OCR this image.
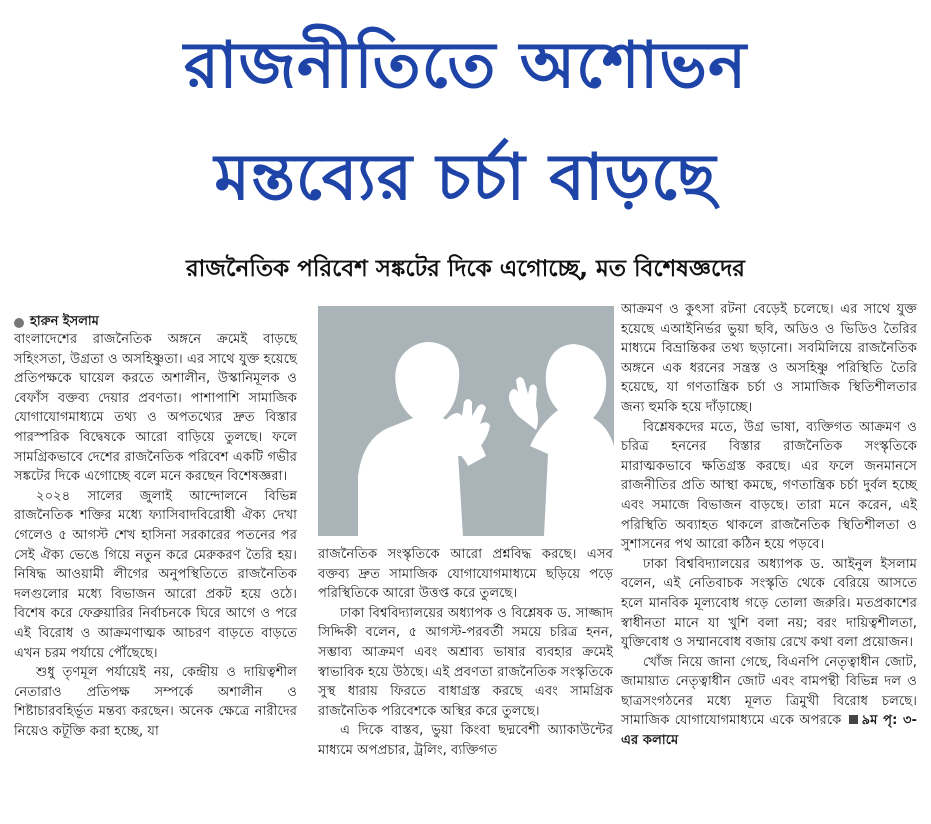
রাজনীতিতে অশোভন
মন্তব্যের চর্চা বাড়ছে
রাজনৈতিক পরিবেশ সঙ্কটের দিকে এগোচ্ছে, মত বিশেষজ্ঞদের
হারুন ইসলাম

বাংলাদেশের রাজনৈতিক অঙ্গনে ক্রমেই বাড়ছে সহিংসতা, উগ্রতা ও অসহিষ্ণুতা। এর সাথে যুক্ত হয়েছে প্রতিপক্ষকে ঘায়েল করতে অশালীন, উস্কানিমূলক ও বেফাঁস বক্তব্য দেয়ার প্রবণতা। পাশাপাশি সামাজিক যোগাযোগমাধ্যমে তথ্য ও অপতথ্যের দ্রুত বিস্তার পারস্পরিক বিদ্বেষকে আরো বাড়িয়ে তুলছে। ফলে সামগ্রিকভাবে দেশের রাজনৈতিক পরিবেশ একটি গভীর সঙ্কটের দিকে এগোচ্ছে বলে মনে করছেন বিশেষজ্ঞরা।

২০২৪ সালের জুলাই আন্দোলনে বিভিন্ন রাজনৈতিক শক্তির মধ্যে ফ্যাসিবাদবিরোধী ঐক্য দেখা গেলেও ৫ আগস্ট শেখ হাসিনা সরকারের পতনের পর সেই ঐক্য ভেঙে গিয়ে নতুন করে মেরুকরণ তৈরি হয়। নিষিদ্ধ আওয়ামী লীগের অনুপস্থিতিতে রাজনৈতিক দলগুলোর মধ্যে বিভাজন আরো প্রকট হয়ে ওঠে। বিশেষ করে ফেব্রুয়ারির নির্বাচনকে ঘিরে আগে ও পরে এই বিরোধ ও আক্রমণাত্মক আচরণ বাড়তে বাড়তে এখন চরম পর্যায়ে পৌঁছেছে।

শুধু তৃণমূল পর্যায়েই নয়, কেন্দ্রীয় ও দায়িত্বশীল নেতারাও প্রতিপক্ষ সম্পর্কে অশালীন ও শিষ্টাচারবহির্ভূত মন্তব্য করছেন। অনেক ক্ষেত্রে নারীদের নিয়েও কটূক্তি করা হচ্ছে, যা

রাজনৈতিক সংস্কৃতিকে আরো প্রশ্নবিদ্ধ করছে। এসব বক্তব্য দ্রুত সামাজিক যোগাযোগমাধ্যমে ছড়িয়ে পড়ে পরিস্থিতিকে আরো উত্তপ্ত করে তুলছে।

ঢাকা বিশ্ববিদ্যালয়ের অধ্যাপক ও বিশ্লেষক ড. সাজ্জাদ সিদ্দিকী বলেন, ৫ আগস্ট-পরবর্তী সময়ে চরিত্র হনন, সম্ভাব্য আক্রমণ এবং অশ্রাব্য ভাষার ব্যবহার ক্রমেই স্বাভাবিক হয়ে উঠছে। এই প্রবণতা রাজনৈতিক সংস্কৃতিকে সুস্থ ধারায় ফিরতে বাধাগ্রস্ত করছে এবং সামগ্রিক রাজনৈতিক পরিবেশকে অস্থির করে তুলছে।

এ দিকে বাস্তব, ভুয়া কিংবা ছদ্মবেশী অ্যাকাউন্টের মাধ্যমে অপপ্রচার, ট্রলিং, ব্যক্তিগত

আক্রমণ ও কুৎসা রটনা বেড়েই চলেছে। এর সাথে যুক্ত হয়েছে এআইনির্ভর ভুয়া ছবি, অডিও ও ভিডিও তৈরির মাধ্যমে বিভ্রান্তিকর তথ্য ছড়ানো। সবমিলিয়ে রাজনৈতিক অঙ্গনে এক ধরনের সন্ত্রস্ত ও অসহিষ্ণু পরিস্থিতি তৈরি হয়েছে, যা গণতান্ত্রিক চর্চা ও সামাজিক স্থিতিশীলতার জন্য হুমকি হয়ে দাঁড়াচ্ছে।

বিশ্লেষকদের মতে, উগ্র ভাষা, ব্যক্তিগত আক্রমণ ও চরিত্র হননের বিস্তার রাজনৈতিক সংস্কৃতিকে মারাত্মকভাবে ক্ষতিগ্রস্ত করছে। এর ফলে জনমানসে রাজনীতির প্রতি আস্থা কমছে, গণতান্ত্রিক চর্চা দুর্বল হচ্ছে এবং সমাজে বিভাজন বাড়ছে। তারা মনে করেন, এই পরিস্থিতি অব্যাহত থাকলে রাজনৈতিক স্থিতিশীলতা ও সুশাসনের পথ আরো কঠিন হয়ে পড়বে।

ঢাকা বিশ্ববিদ্যালয়ের অধ্যাপক ড. আইনুল ইসলাম বলেন, এই নেতিবাচক সংস্কৃতি থেকে বেরিয়ে আসতে হলে মানবিক মূল্যবোধ গড়ে তোলা জরুরি। মতপ্রকাশের স্বাধীনতা মানে যা খুশি বলা নয়; বরং দায়িত্বশীলতা, যুক্তিবোধ ও সম্মানবোধ বজায় রেখে কথা বলা প্রয়োজন।

খোঁজ নিয়ে জানা গেছে, বিএনপি নেতৃত্বাধীন জোট, জামায়াত নেতৃত্বাধীন জোট এবং বামপন্থী বিভিন্ন দল ও ছাত্রসংগঠনের মধ্যে মূলত ত্রিমুখী বিরোধ চলছে। সামাজিক যোগাযোগমাধ্যমে একে অপরকে ৯ম পৃ: ৩-এর কলামে
